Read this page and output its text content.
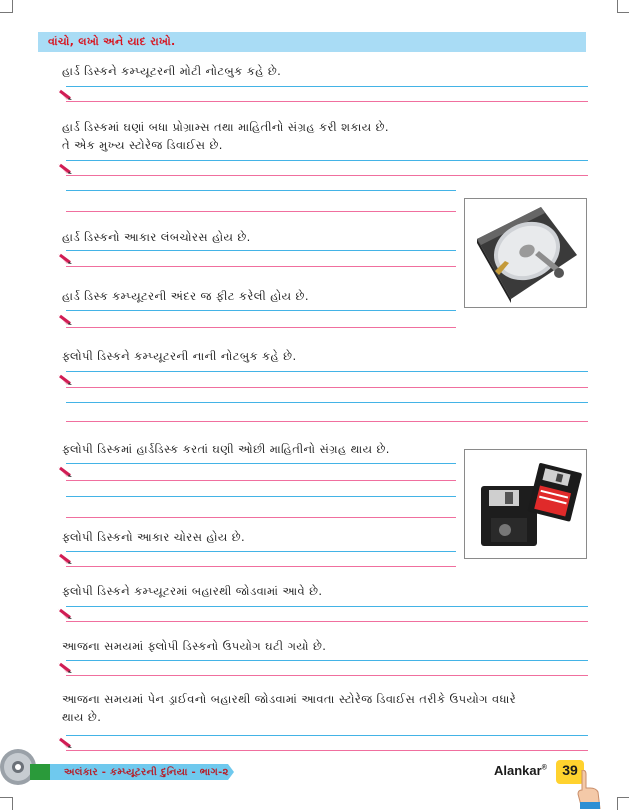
વાંચો, લખો અને યાદ રાખો.
હાર્ડ ડિસ્કને કમ્પ્યૂટરની મોટી નોટબુક કહે છે.
હાર્ડ ડિસ્કમાં ઘણાં બધા પ્રોગ્રામ્સ તથા માહિતીનો સંગ્રહ કરી શકાય છે.
તે એક મુખ્ય સ્ટોરેજ ડિવાઈસ છે.
હાર્ડ ડિસ્કનો આકાર લંબચોરસ હોય છે.
હાર્ડ ડિસ્ક કમ્પ્યૂટરની અંદર જ ફીટ કરેલી હોય છે.
ફ્લોપી ડિસ્કને કમ્પ્યૂટરની નાની નોટબુક કહે છે.
ફ્લોપી ડિસ્કમાં હાર્ડડિસ્ક કરતાં ઘણી ઓછી માહિતીનો સંગ્રહ થાય છે.
ફ્લોપી ડિસ્કનો આકાર ચોરસ હોય છે.
ફ્લોપી ડિસ્કને કમ્પ્યૂટરમાં બહારથી જોડવામાં આવે છે.
આજના સમયમાં ફ્લોપી ડિસ્કનો ઉપયોગ ઘટી ગયો છે.
આજના સમયમાં પેન ડ્રાઈવનો બહારથી જોડવામાં આવતા સ્ટોરેજ ડિવાઈસ તરીકે ઉપયોગ વધારે
થાય છે.
અલંકાર - કમ્પ્યૂટરની દુનિયા - ભાગ-૨	Alankar®	39
